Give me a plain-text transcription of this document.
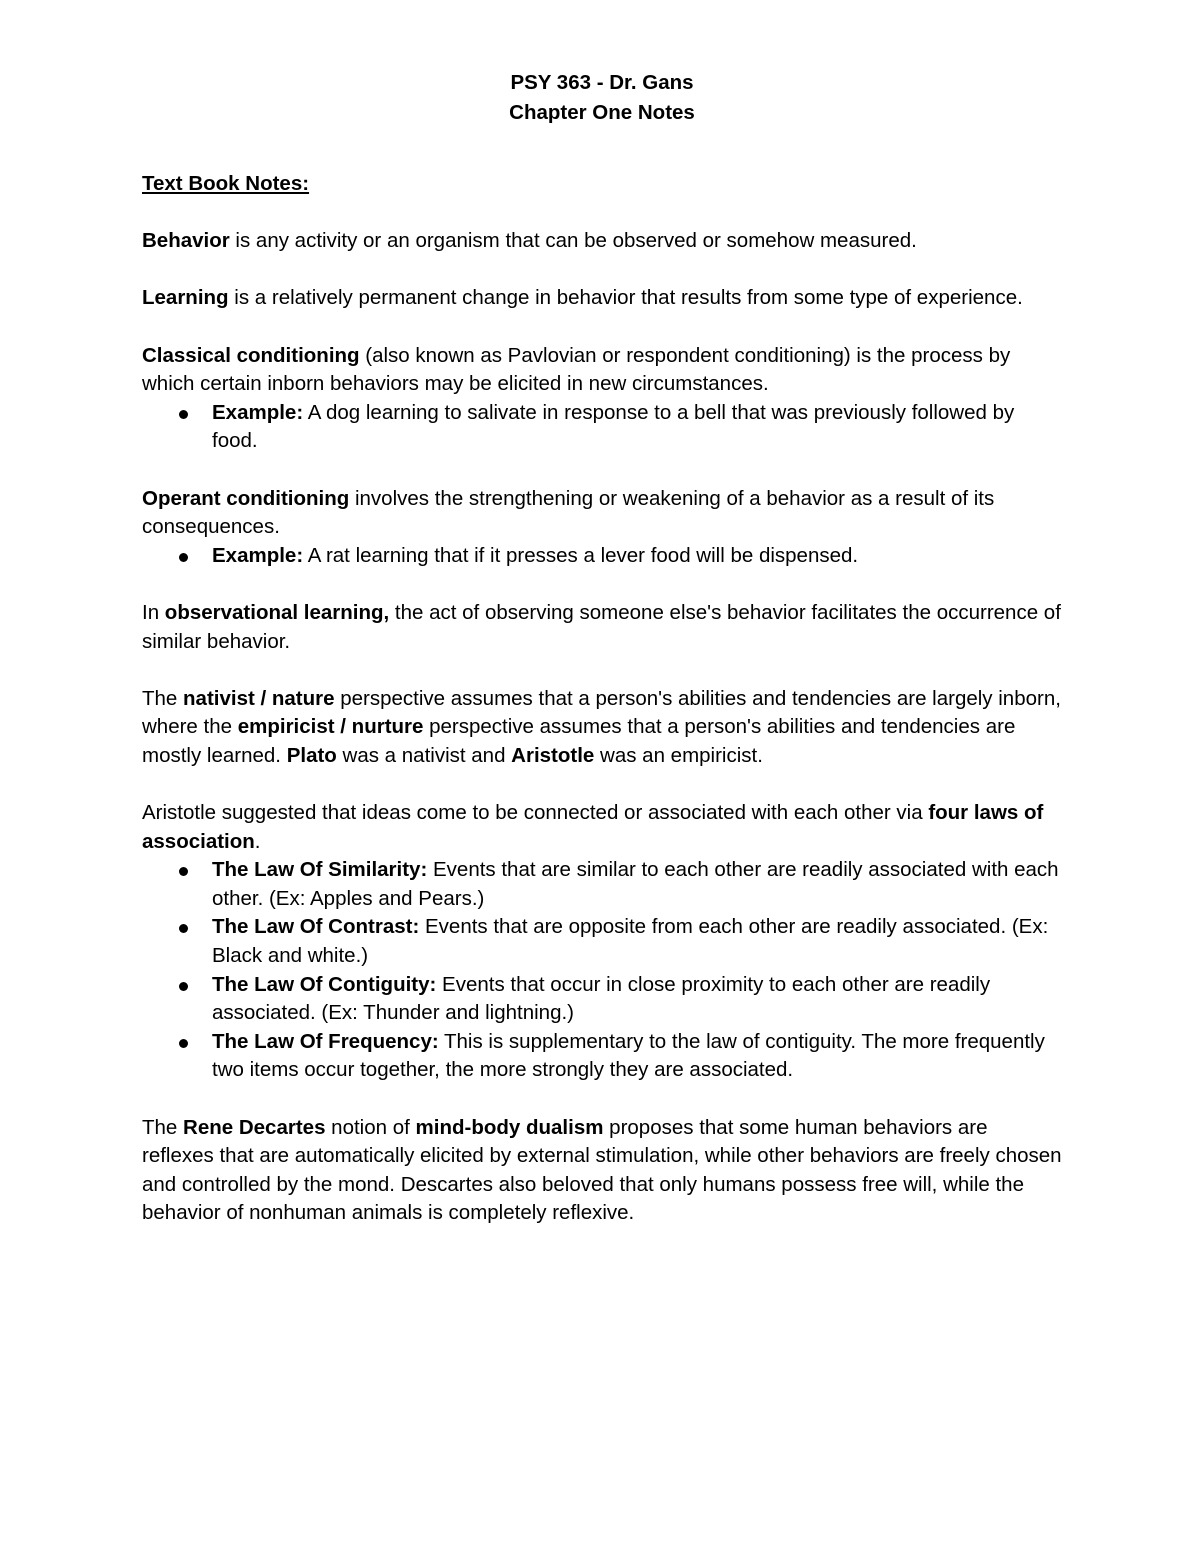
PSY 363 - Dr. Gans
Chapter One Notes
Text Book Notes:

Behavior is any activity or an organism that can be observed or somehow measured.

Learning is a relatively permanent change in behavior that results from some type of experience.

Classical conditioning (also known as Pavlovian or respondent conditioning) is the process by which certain inborn behaviors may be elicited in new circumstances.

Example: A dog learning to salivate in response to a bell that was previously followed by food.

Operant conditioning involves the strengthening or weakening of a behavior as a result of its consequences.

Example: A rat learning that if it presses a lever food will be dispensed.

In observational learning, the act of observing someone else's behavior facilitates the occurrence of similar behavior.

The nativist / nature perspective assumes that a person's abilities and tendencies are largely inborn, where the empiricist / nurture perspective assumes that a person's abilities and tendencies are mostly learned. Plato was a nativist and Aristotle was an empiricist.

Aristotle suggested that ideas come to be connected or associated with each other via four laws of association.

The Law Of Similarity: Events that are similar to each other are readily associated with each other. (Ex: Apples and Pears.)
The Law Of Contrast: Events that are opposite from each other are readily associated. (Ex: Black and white.)
The Law Of Contiguity: Events that occur in close proximity to each other are readily associated. (Ex: Thunder and lightning.)
The Law Of Frequency: This is supplementary to the law of contiguity. The more frequently two items occur together, the more strongly they are associated.

The Rene Decartes notion of mind-body dualism proposes that some human behaviors are reflexes that are automatically elicited by external stimulation, while other behaviors are freely chosen and controlled by the mond. Descartes also beloved that only humans possess free will, while the behavior of nonhuman animals is completely reflexive.
